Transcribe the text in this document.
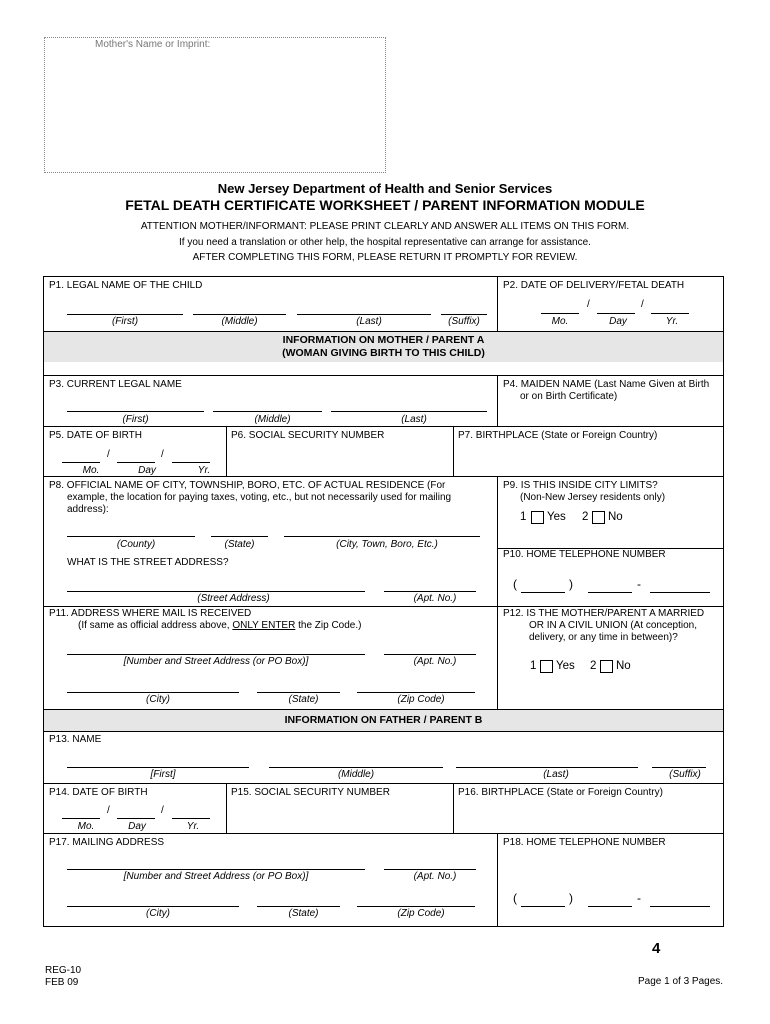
Mother's Name or Imprint:
New Jersey Department of Health and Senior Services
FETAL DEATH CERTIFICATE WORKSHEET / PARENT INFORMATION MODULE
ATTENTION MOTHER/INFORMANT: PLEASE PRINT CLEARLY AND ANSWER ALL ITEMS ON THIS FORM.
If you need a translation or other help, the hospital representative can arrange for assistance.
AFTER COMPLETING THIS FORM, PLEASE RETURN IT PROMPTLY FOR REVIEW.
P1. LEGAL NAME OF THE CHILD
(First)	(Middle)	(Last)	(Suffix)
P2. DATE OF DELIVERY/FETAL DEATH
/	/
Mo.	Day	Yr.
INFORMATION ON MOTHER / PARENT A
(WOMAN GIVING BIRTH TO THIS CHILD)
P3. CURRENT LEGAL NAME
(First)	(Middle)	(Last)
P4. MAIDEN NAME (Last Name Given at Birth
or on Birth Certificate)
P5. DATE OF BIRTH
/	/
Mo.	Day	Yr.
P6. SOCIAL SECURITY NUMBER	P7. BIRTHPLACE (State or Foreign Country)
P8. OFFICIAL NAME OF CITY, TOWNSHIP, BORO, ETC. OF ACTUAL RESIDENCE (For
example, the location for paying taxes, voting, etc., but not necessarily used for mailing
address):
(County)	(State)	(City, Town, Boro, Etc.)
WHAT IS THE STREET ADDRESS?
(Street Address)	(Apt. No.)
P9. IS THIS INSIDE CITY LIMITS?
(Non-New Jersey residents only)
1 Yes 2 No
P10. HOME TELEPHONE NUMBER
(	)	-
P11. ADDRESS WHERE MAIL IS RECEIVED
(If same as official address above, ONLY ENTER the Zip Code.)
[Number and Street Address (or PO Box)]	(Apt. No.)
(City)	(State)	(Zip Code)
P12. IS THE MOTHER/PARENT A MARRIED
OR IN A CIVIL UNION (At conception,
delivery, or any time in between)?
1 Yes 2 No
INFORMATION ON FATHER / PARENT B
P13. NAME
[First]	(Middle)	(Last)	(Suffix)
P14. DATE OF BIRTH
/	/
Mo.	Day	Yr.
P15. SOCIAL SECURITY NUMBER	P16. BIRTHPLACE (State or Foreign Country)
P17. MAILING ADDRESS
[Number and Street Address (or PO Box)]	(Apt. No.)
(City)	(State)	(Zip Code)
P18. HOME TELEPHONE NUMBER
(	)	-
4
REG-10
FEB 09	Page 1 of 3 Pages.
